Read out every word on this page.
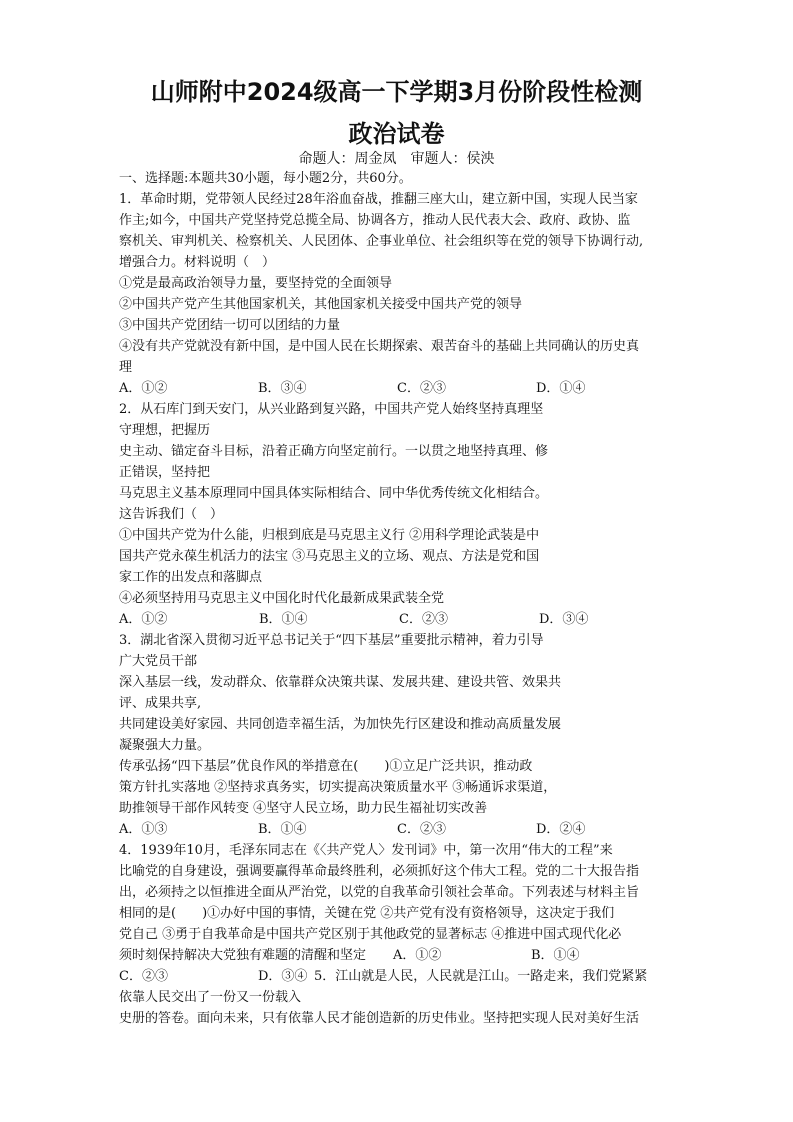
山师附中2024级高一下学期3月份阶段性检测
政治试卷
命题人：周金凤　审题人：侯泱
一、选择题:本题共30小题，每小题2分，共60分。
1．革命时期，党带领人民经过28年浴血奋战，推翻三座大山，建立新中国，实现人民当家
作主;如今，中国共产党坚持党总揽全局、协调各方，推动人民代表大会、政府、政协、监
察机关、审判机关、检察机关、人民团体、企事业单位、社会组织等在党的领导下协调行动,
增强合力。材料说明（　）
①党是最高政治领导力量，要坚持党的全面领导
②中国共产党产生其他国家机关，其他国家机关接受中国共产党的领导
③中国共产党团结一切可以团结的力量
④没有共产党就没有新中国，是中国人民在长期探索、艰苦奋斗的基础上共同确认的历史真
理
A．①②	B．③④	C．②③	D．①④
2．从石库门到天安门，从兴业路到复兴路，中国共产党人始终坚持真理坚
守理想，把握历
史主动、锚定奋斗目标，沿着正确方向坚定前行。一以贯之地坚持真理、修
正错误，坚持把
马克思主义基本原理同中国具体实际相结合、同中华优秀传统文化相结合。
这告诉我们（　）
①中国共产党为什么能，归根到底是马克思主义行 ②用科学理论武装是中
国共产党永葆生机活力的法宝 ③马克思主义的立场、观点、方法是党和国
家工作的出发点和落脚点
④必须坚持用马克思主义中国化时代化最新成果武装全党
A．①②	B．①④	C．②③	D．③④
3．湖北省深入贯彻习近平总书记关于“四下基层”重要批示精神，着力引导
广大党员干部
深入基层一线，发动群众、依靠群众决策共谋、发展共建、建设共管、效果共
评、成果共享,
共同建设美好家园、共同创造幸福生活，为加快先行区建设和推动高质量发展
凝聚强大力量。
传承弘扬“四下基层”优良作风的举措意在(　　)①立足广泛共识，推动政
策方针扎实落地 ②坚持求真务实，切实提高决策质量水平 ③畅通诉求渠道，
助推领导干部作风转变 ④坚守人民立场，助力民生福祉切实改善
A．①③	B．①④	C．②③	D．②④
4．1939年10月，毛泽东同志在《〈共产党人〉发刊词》中，第一次用“伟大的工程”来
比喻党的自身建设，强调要赢得革命最终胜利，必须抓好这个伟大工程。党的二十大报告指
出，必须持之以恒推进全面从严治党，以党的自我革命引领社会革命。下列表述与材料主旨
相同的是(　　)①办好中国的事情，关键在党 ②共产党有没有资格领导，这决定于我们
党自己 ③勇于自我革命是中国共产党区别于其他政党的显著标志 ④推进中国式现代化必
须时刻保持解决大党独有难题的清醒和坚定 A．①②	B．①④
C．②③	D．③④ 5．江山就是人民，人民就是江山。一路走来，我们党紧紧
依靠人民交出了一份又一份载入
史册的答卷。面向未来，只有依靠人民才能创造新的历史伟业。坚持把实现人民对美好生活
